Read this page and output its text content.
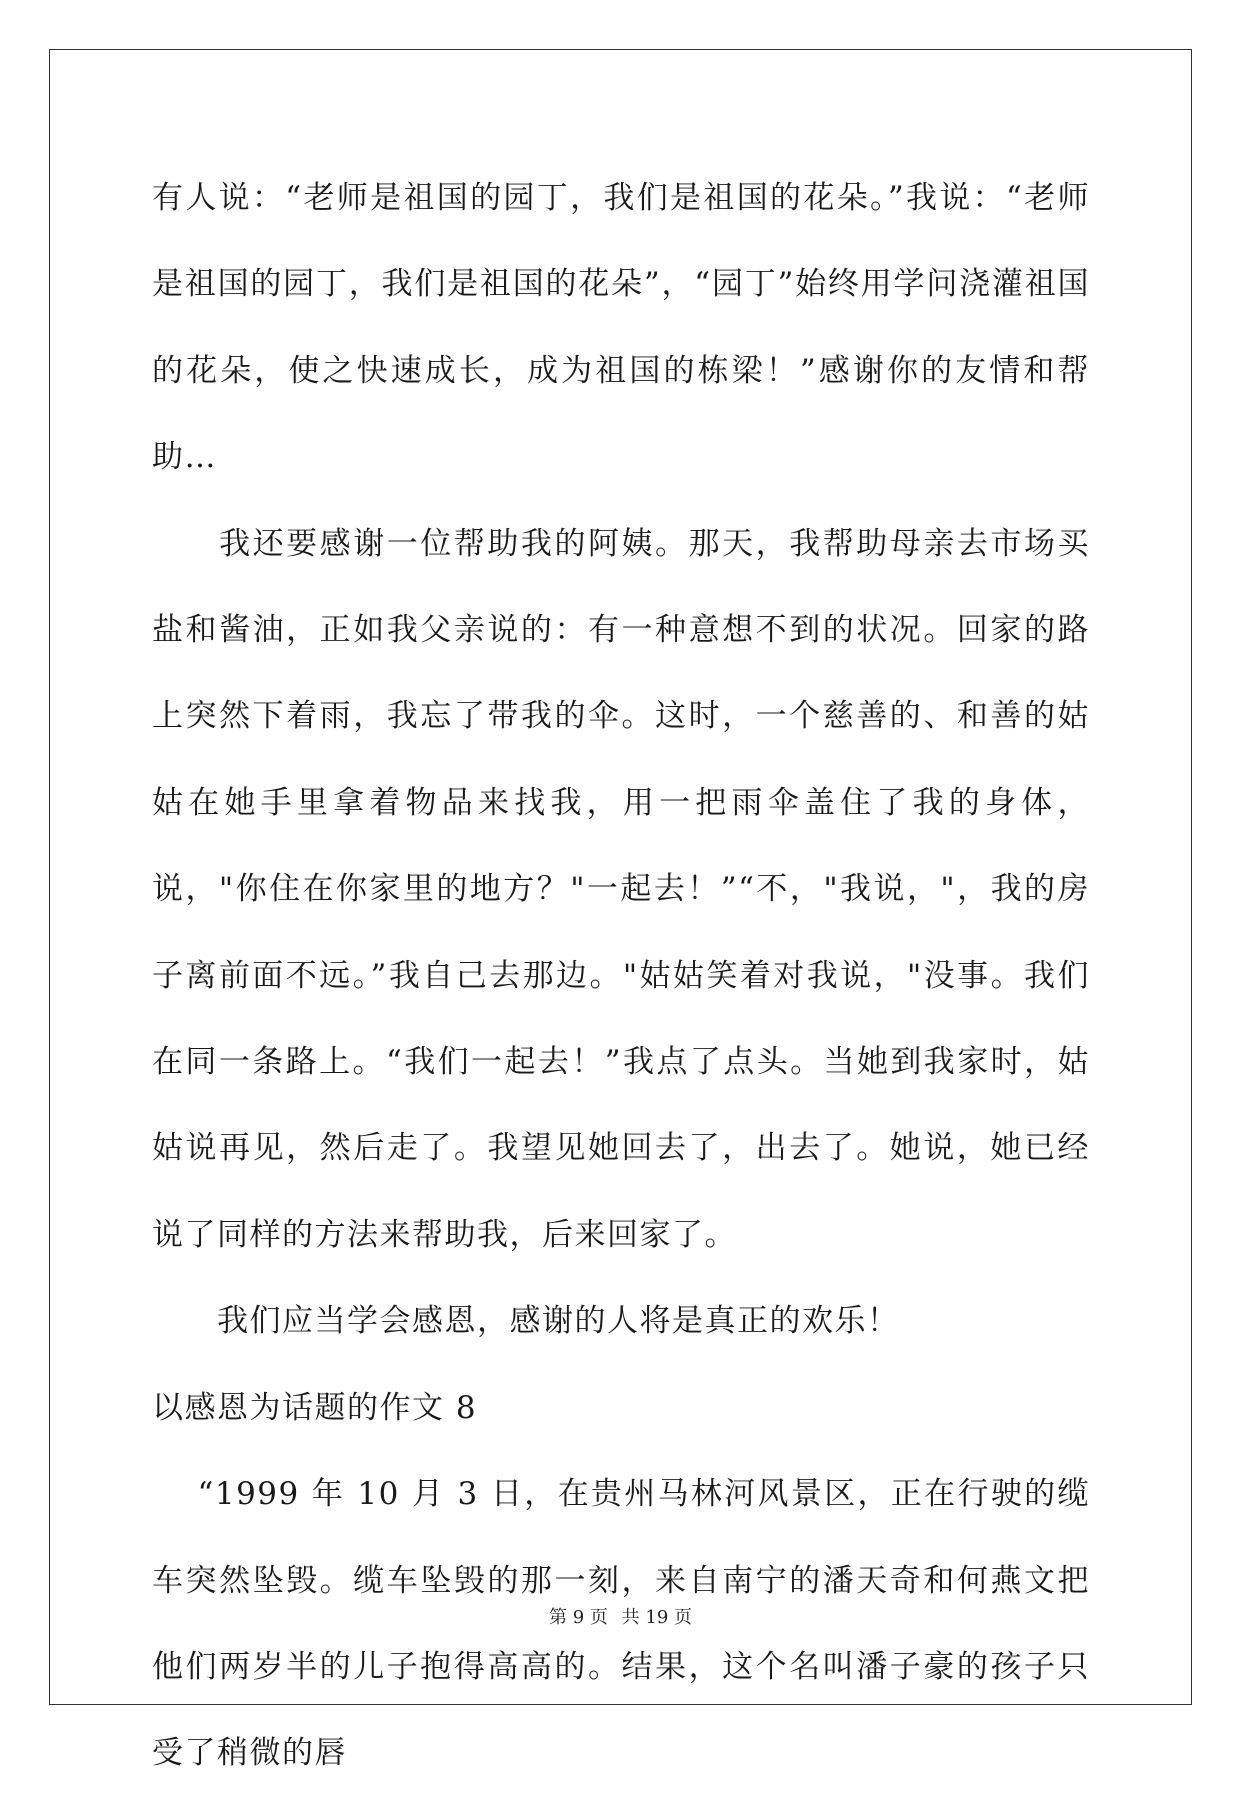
有人说：“老师是祖国的园丁，我们是祖国的花朵。”我说：“老师是祖国的园丁，我们是祖国的花朵”，“园丁”始终用学问浇灌祖国的花朵，使之快速成长，成为祖国的栋梁！”感谢你的友情和帮助…

　　我还要感谢一位帮助我的阿姨。那天，我帮助母亲去市场买盐和酱油，正如我父亲说的：有一种意想不到的状况。回家的路上突然下着雨，我忘了带我的伞。这时，一个慈善的、和善的姑姑在她手里拿着物品来找我，用一把雨伞盖住了我的身体，说，"你住在你家里的地方？"一起去！”“不，"我说，"，我的房子离前面不远。”我自己去那边。"姑姑笑着对我说，"没事。我们在同一条路上。“我们一起去！”我点了点头。当她到我家时，姑姑说再见，然后走了。我望见她回去了，出去了。她说，她已经说了同样的方法来帮助我，后来回家了。

　　我们应当学会感恩，感谢的人将是真正的欢乐！

以感恩为话题的作文 8

　 “1999 年 10 月 3 日，在贵州马林河风景区，正在行驶的缆车突然坠毁。缆车坠毁的那一刻，来自南宁的潘天奇和何燕文把他们两岁半的儿子抱得高高的。结果，这个名叫潘子豪的孩子只受了稍微的唇

第 9 页 共 19 页
